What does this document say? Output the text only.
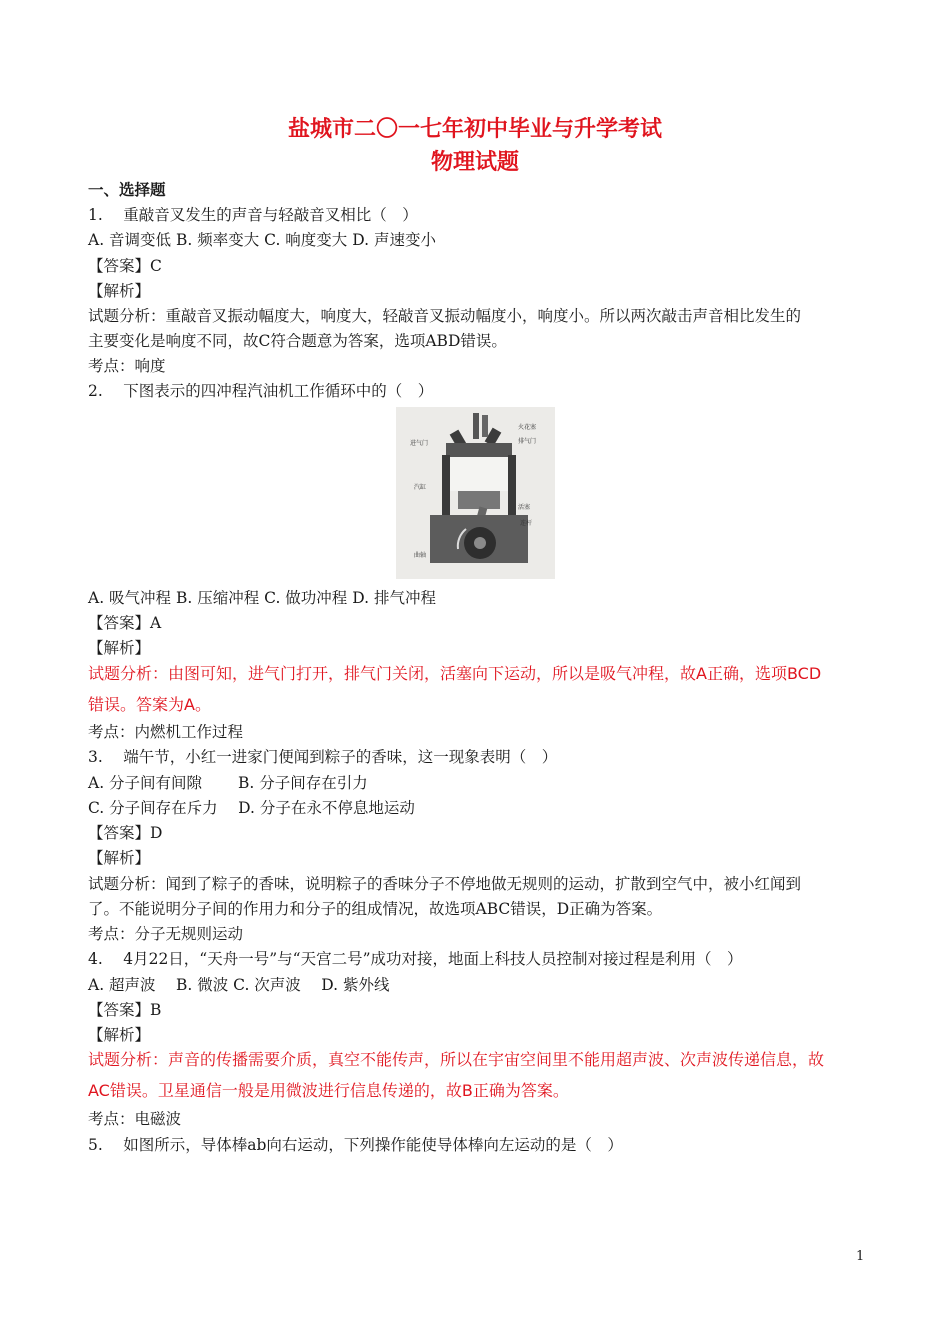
盐城市二〇一七年初中毕业与升学考试
物理试题
一、选择题
1.　 重敲音叉发生的声音与轻敲音叉相比（　）
A. 音调变低 B. 频率变大 C. 响度变大 D. 声速变小
【答案】C
【解析】
试题分析：重敲音叉振动幅度大，响度大，轻敲音叉振动幅度小，响度小。所以两次敲击声音相比发生的
主要变化是响度不同，故C符合题意为答案，选项ABD错误。
考点：响度
2.　 下图表示的四冲程汽油机工作循环中的（　）
进气门
火花塞
排气门
汽缸
活塞
连杆
曲轴
A. 吸气冲程 B. 压缩冲程 C. 做功冲程 D. 排气冲程
【答案】A
【解析】
试题分析：由图可知，进气门打开，排气门关闭，活塞向下运动，所以是吸气冲程，故A正确，选项BCD
错误。答案为A。
考点：内燃机工作过程
3.　 端午节，小红一进家门便闻到粽子的香味，这一现象表明（　）
A. 分子间有间隙　　 B. 分子间存在引力
C. 分子间存在斥力　 D. 分子在永不停息地运动
【答案】D
【解析】
试题分析：闻到了粽子的香味，说明粽子的香味分子不停地做无规则的运动，扩散到空气中，被小红闻到
了。不能说明分子间的作用力和分子的组成情况，故选项ABC错误，D正确为答案。
考点：分子无规则运动
4.　 4月22日，“天舟一号”与“天宫二号”成功对接，地面上科技人员控制对接过程是利用（　）
A. 超声波　 B. 微波 C. 次声波　 D. 紫外线
【答案】B
【解析】
试题分析：声音的传播需要介质，真空不能传声，所以在宇宙空间里不能用超声波、次声波传递信息，故
AC错误。卫星通信一般是用微波进行信息传递的，故B正确为答案。
考点：电磁波
5.　 如图所示，导体棒ab向右运动，下列操作能使导体棒向左运动的是（　）
1
